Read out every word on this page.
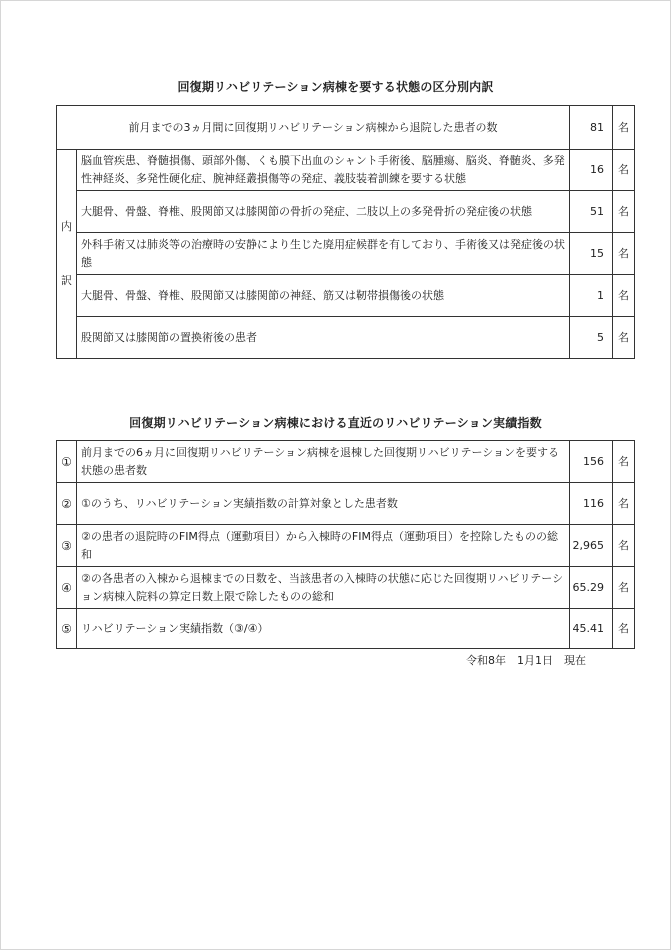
回復期リハビリテーション病棟を要する状態の区分別内訳
前月までの3ヵ月間に回復期リハビリテーション病棟から退院した患者の数		81	名

内
訳	脳血管疾患、脊髄損傷、頭部外傷、くも膜下出血のシャント手術後、脳腫瘍、脳炎、脊髄炎、多発性神経炎、多発性硬化症、腕神経叢損傷等の発症、義肢装着訓練を要する状態	16	名
	大腿骨、骨盤、脊椎、股関節又は膝関節の骨折の発症、二肢以上の多発骨折の発症後の状態	51	名
	外科手術又は肺炎等の治療時の安静により生じた廃用症候群を有しており、手術後又は発症後の状態	15	名
	大腿骨、骨盤、脊椎、股関節又は膝関節の神経、筋又は靭帯損傷後の状態	1	名
	股関節又は膝関節の置換術後の患者	5	名
回復期リハビリテーション病棟における直近のリハビリテーション実績指数
①	前月までの6ヵ月に回復期リハビリテーション病棟を退棟した回復期リハビリテーションを要する状態の患者数	156	名
②	①のうち、リハビリテーション実績指数の計算対象とした患者数	116	名
③	②の患者の退院時のFIM得点（運動項目）から入棟時のFIM得点（運動項目）を控除したものの総和	2,965	名
④	②の各患者の入棟から退棟までの日数を、当該患者の入棟時の状態に応じた回復期リハビリテーション病棟入院料の算定日数上限で除したものの総和	65.29	名
⑤	リハビリテーション実績指数（③/④）	45.41	名
令和8年　1月1日　現在
